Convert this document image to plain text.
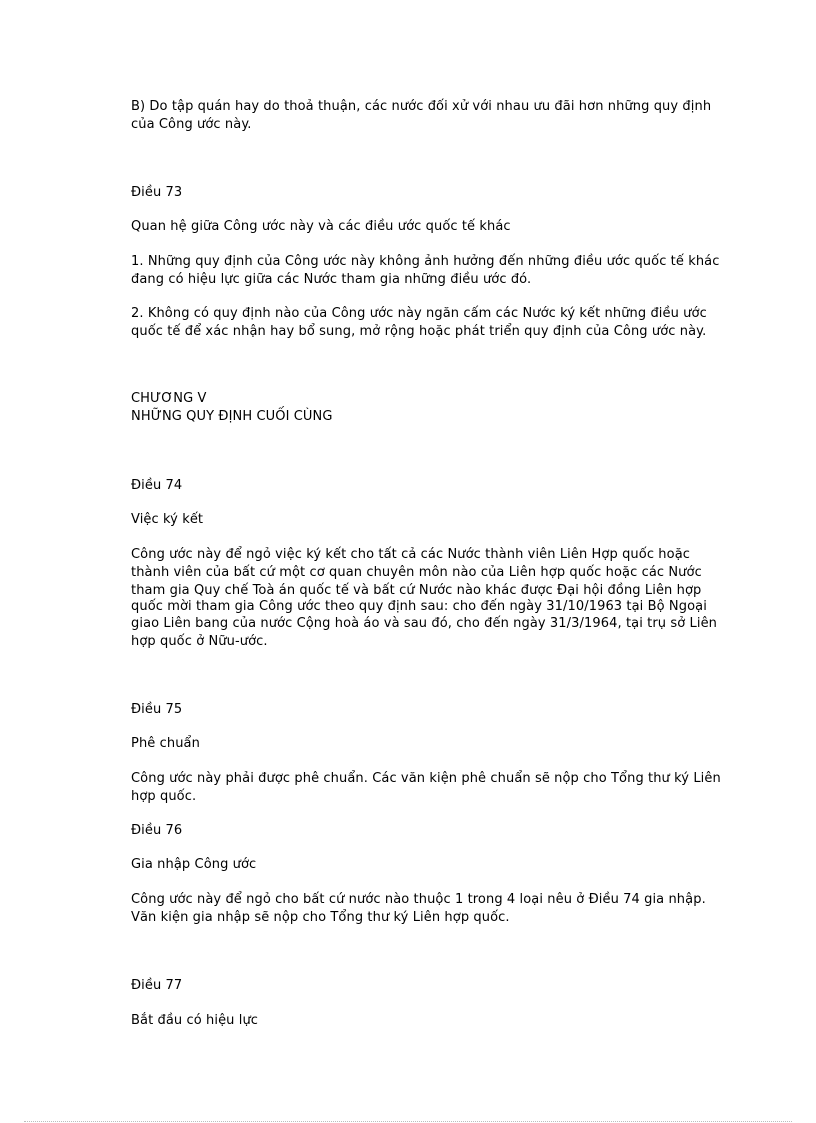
B) Do tập quán hay do thoả thuận, các nước đối xử với nhau ưu đãi hơn những quy định
của Công ước này.
Điều 73
Quan hệ giữa Công ước này và các điều ước quốc tế khác
1. Những quy định của Công ước này không ảnh hưởng đến những điều ước quốc tế khác
đang có hiệu lực giữa các Nước tham gia những điều ước đó.
2. Không có quy định nào của Công ước này ngăn cấm các Nước ký kết những điều ước
quốc tế để xác nhận hay bổ sung, mở rộng hoặc phát triển quy định của Công ước này.
CHƯƠNG V
NHỮNG QUY ĐỊNH CUỐI CÙNG
Điều 74
Việc ký kết
Công ước này để ngỏ việc ký kết cho tất cả các Nước thành viên Liên Hợp quốc hoặc
thành viên của bất cứ một cơ quan chuyên môn nào của Liên hợp quốc hoặc các Nước
tham gia Quy chế Toà án quốc tế và bất cứ Nước nào khác được Đại hội đồng Liên hợp
quốc mời tham gia Công ước theo quy định sau: cho đến ngày 31/10/1963 tại Bộ Ngoại
giao Liên bang của nước Cộng hoà áo và sau đó, cho đến ngày 31/3/1964, tại trụ sở Liên
hợp quốc ở Nữu-ước.
Điều 75
Phê chuẩn
Công ước này phải được phê chuẩn. Các văn kiện phê chuẩn sẽ nộp cho Tổng thư ký Liên
hợp quốc.
Điều 76
Gia nhập Công ước
Công ước này để ngỏ cho bất cứ nước nào thuộc 1 trong 4 loại nêu ở Điều 74 gia nhập.
Văn kiện gia nhập sẽ nộp cho Tổng thư ký Liên hợp quốc.
Điều 77
Bắt đầu có hiệu lực
